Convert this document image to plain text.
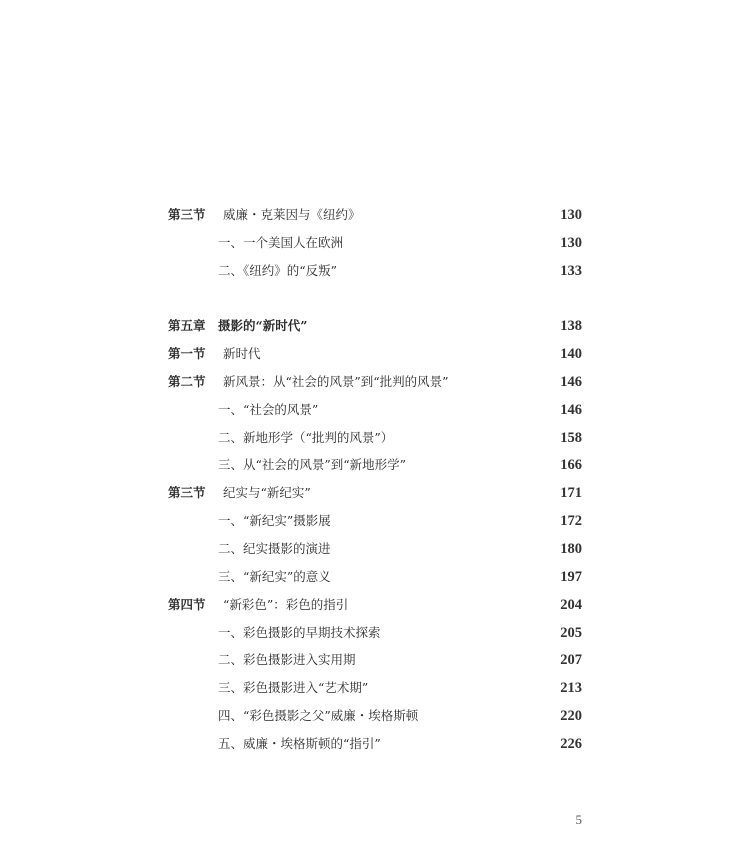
第三节 威廉・克莱因与《纽约》	130
一、一个美国人在欧洲	130
二、《纽约》的“反叛”	133
第五章 摄影的“新时代”	138
第一节 新时代	140
第二节 新风景：从“社会的风景”到“批判的风景”	146
一、“社会的风景”	146
二、新地形学（“批判的风景”）	158
三、从“社会的风景”到“新地形学”	166
第三节 纪实与“新纪实”	171
一、“新纪实”摄影展	172
二、纪实摄影的演进	180
三、“新纪实”的意义	197
第四节 “新彩色”：彩色的指引	204
一、彩色摄影的早期技术探索	205
二、彩色摄影进入实用期	207
三、彩色摄影进入“艺术期”	213
四、“彩色摄影之父”威廉・埃格斯顿	220
五、威廉・埃格斯顿的“指引”	226
5
